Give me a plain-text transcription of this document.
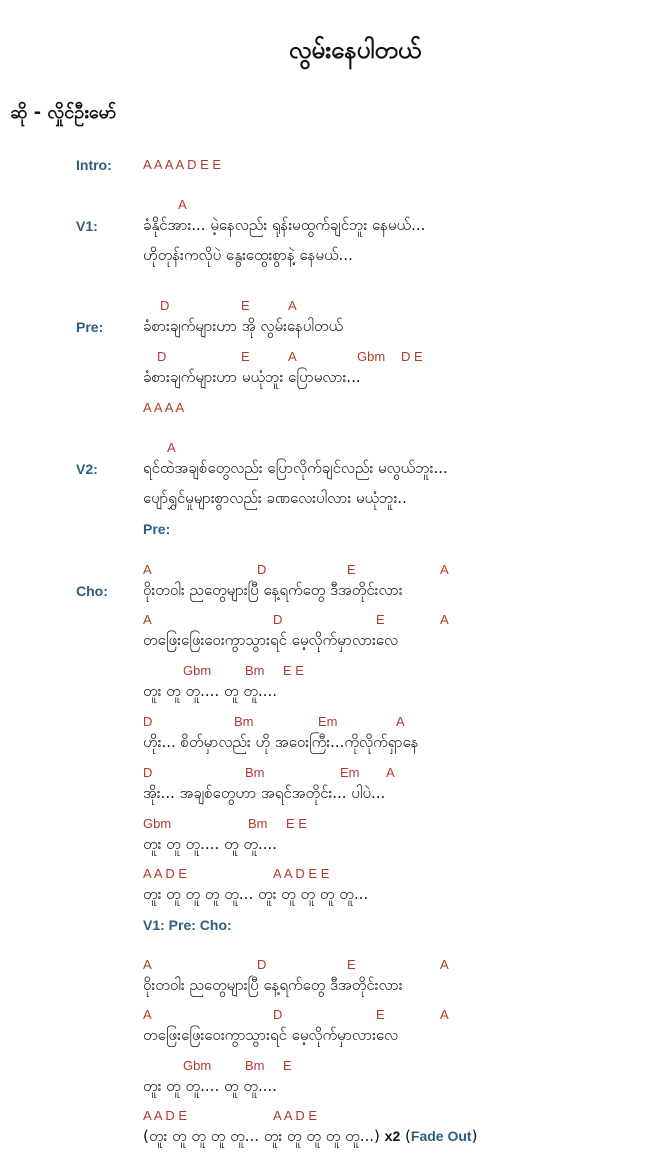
လွမ်းနေပါတယ်
ဆို - လှိုင်ဦးမော်
Intro: A A A A D E E
A
V1:	ခံနိုင်အား... မဲ့နေလည်း ရုန်းမထွက်ချင်ဘူး နေမယ်...
ဟိုတုန်းကလိုပဲ နွေးထွေးစွာနဲ့ နေမယ်...
D	E	A
Pre:	ခံစားချက်များဟာ အို လွမ်းနေပါတယ်
D	E	A	Gbm D E
ခံစားချက်များဟာ မယုံဘူး ပြောမလား...
A A A A
A
V2:	ရင်ထဲအချစ်တွေလည်း ပြောလိုက်ချင်လည်း မလွယ်ဘူး...
ပျော်ရွှင်မှုများစွာလည်း ခဏလေးပါလား မယုံဘူး..
Pre:
A	D	E	A
Cho: ဝိုးတဝါး ညတွေများပြီ နေ့ရက်တွေ ဒီအတိုင်းလား
A	D	E	A
တဖြေးဖြေးဝေးကွာသွားရင် မေ့လိုက်မှာလားလေ
Gbm	Bm E E
တူး တူ တူ.... တူ တူ....
D	Bm	Em	A
ဟိုး... စိတ်မှာလည်း ဟို အဝေးကြီး...ကိုလိုက်ရှာနေ
D	Bm	Em A
အိုး... အချစ်တွေဟာ အရင်အတိုင်း... ပါပဲ...
Gbm	Bm E E
တူး တူ တူ.... တူ တူ....
A A D E	A A D E E
တူး တူ တူ တူ တူ... တူး တူ တူ တူ တူ...
V1: Pre: Cho:
A	D	E	A
ဝိုးတဝါး ညတွေများပြီ နေ့ရက်တွေ ဒီအတိုင်းလား
A	D	E	A
တဖြေးဖြေးဝေးကွာသွားရင် မေ့လိုက်မှာလားလေ
Gbm	Bm E
တူး တူ တူ.... တူ တူ....
A A D E	A A D E
(တူး တူ တူ တူ တူ... တူး တူ တူ တူ တူ...) x2 (Fade Out)
